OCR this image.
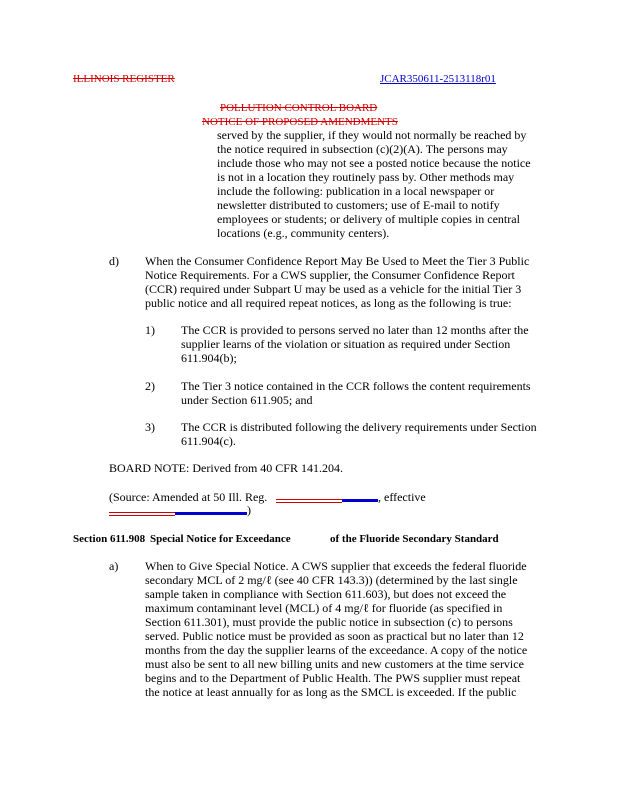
ILLINOIS REGISTER	JCAR350611-2513118r01
POLLUTION CONTROL BOARD
NOTICE OF PROPOSED AMENDMENTS
served by the supplier, if they would not normally be reached by
the notice required in subsection (c)(2)(A). The persons may
include those who may not see a posted notice because the notice
is not in a location they routinely pass by. Other methods may
include the following: publication in a local newspaper or
newsletter distributed to customers; use of E-mail to notify
employees or students; or delivery of multiple copies in central
locations (e.g., community centers).
d) When the Consumer Confidence Report May Be Used to Meet the Tier 3 Public
Notice Requirements. For a CWS supplier, the Consumer Confidence Report
(CCR) required under Subpart U may be used as a vehicle for the initial Tier 3
public notice and all required repeat notices, as long as the following is true:
1) The CCR is provided to persons served no later than 12 months after the
supplier learns of the violation or situation as required under Section
611.904(b);
2) The Tier 3 notice contained in the CCR follows the content requirements
under Section 611.905; and
3) The CCR is distributed following the delivery requirements under Section
611.904(c).
BOARD NOTE: Derived from 40 CFR 141.204.
(Source: Amended at 50 Ill. Reg.	, effective
)
Section 611.908 Special Notice for Exceedance	of the Fluoride Secondary Standard
a) When to Give Special Notice. A CWS supplier that exceeds the federal fluoride
secondary MCL of 2 mg/ℓ (see 40 CFR 143.3)) (determined by the last single
sample taken in compliance with Section 611.603), but does not exceed the
maximum contaminant level (MCL) of 4 mg/ℓ for fluoride (as specified in
Section 611.301), must provide the public notice in subsection (c) to persons
served. Public notice must be provided as soon as practical but no later than 12
months from the day the supplier learns of the exceedance. A copy of the notice
must also be sent to all new billing units and new customers at the time service
begins and to the Department of Public Health. The PWS supplier must repeat
the notice at least annually for as long as the SMCL is exceeded. If the public
